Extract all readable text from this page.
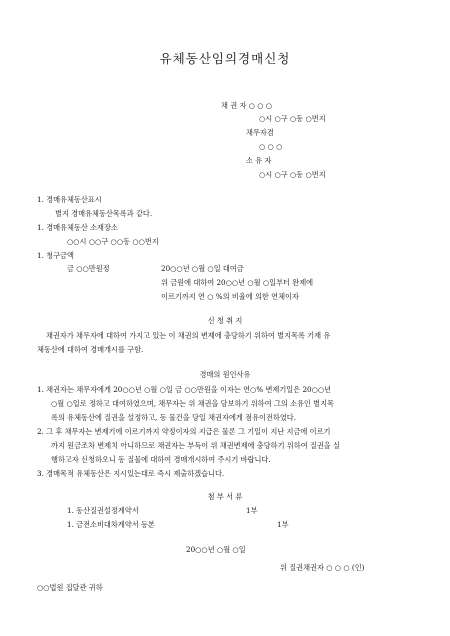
유체동산임의경매신청
채 권 자 ○ ○ ○
○시 ○구 ○동 ○번지
채무자겸
○ ○ ○
소 유 자
○시 ○구 ○동 ○번지
1. 경매유체동산표시
별지 경매유체동산목록과 같다.
1. 경매유체동산 소재장소
○○시 ○○구 ○○동 ○○번지
1. 청구금액
금 ○○만원정	20○○년 ○월 ○일 대여금
위 금원에 대하여 20○○년 ○월 ○일부터 완제에
이르기까지 연 ○ %의 비율에 의한 연체이자
신 청 취 지
채권자가 채무자에 대하여 가지고 있는 이 채권의 변제에 충당하기 위하여 별지목록 기재 유
체동산에 대하여 경매개시를 구함.
경매의 원인사유
1. 채권자는 채무자에게 20○○년 ○월 ○일 금 ○○만원을 이자는 연○% 변제기일은 20○○년
○월 ○일로 정하고 대여하였으며, 채무자는 위 채권을 담보하기 위하여 그의 소유인 별지목
록의 유체동산에 질권을 설정하고, 동 물건을 당일 채권자에게 점유이전하였다.
2. 그 후 채무자는 변제기에 이르기까지 약정이자의 지급은 물론 그 기일이 지난 지금에 이르기
까지 원금조차 변제치 아니하므로 채권자는 부득이 위 채권변제에 충당하기 위하여 질권을 실
행하고자 신청하오니 동 질물에 대하여 경매개시하여 주시기 바랍니다.
3. 경매목적 유체동산은 지시있는대로 즉시 제출하겠습니다.
첨 부 서 류
1. 동산질권설정계약서	1부
1. 금전소비대차계약서 등본	1부
20○○년 ○월 ○일
위 질권채권자 ○ ○ ○ (인)
○○법원 집달관 귀하
